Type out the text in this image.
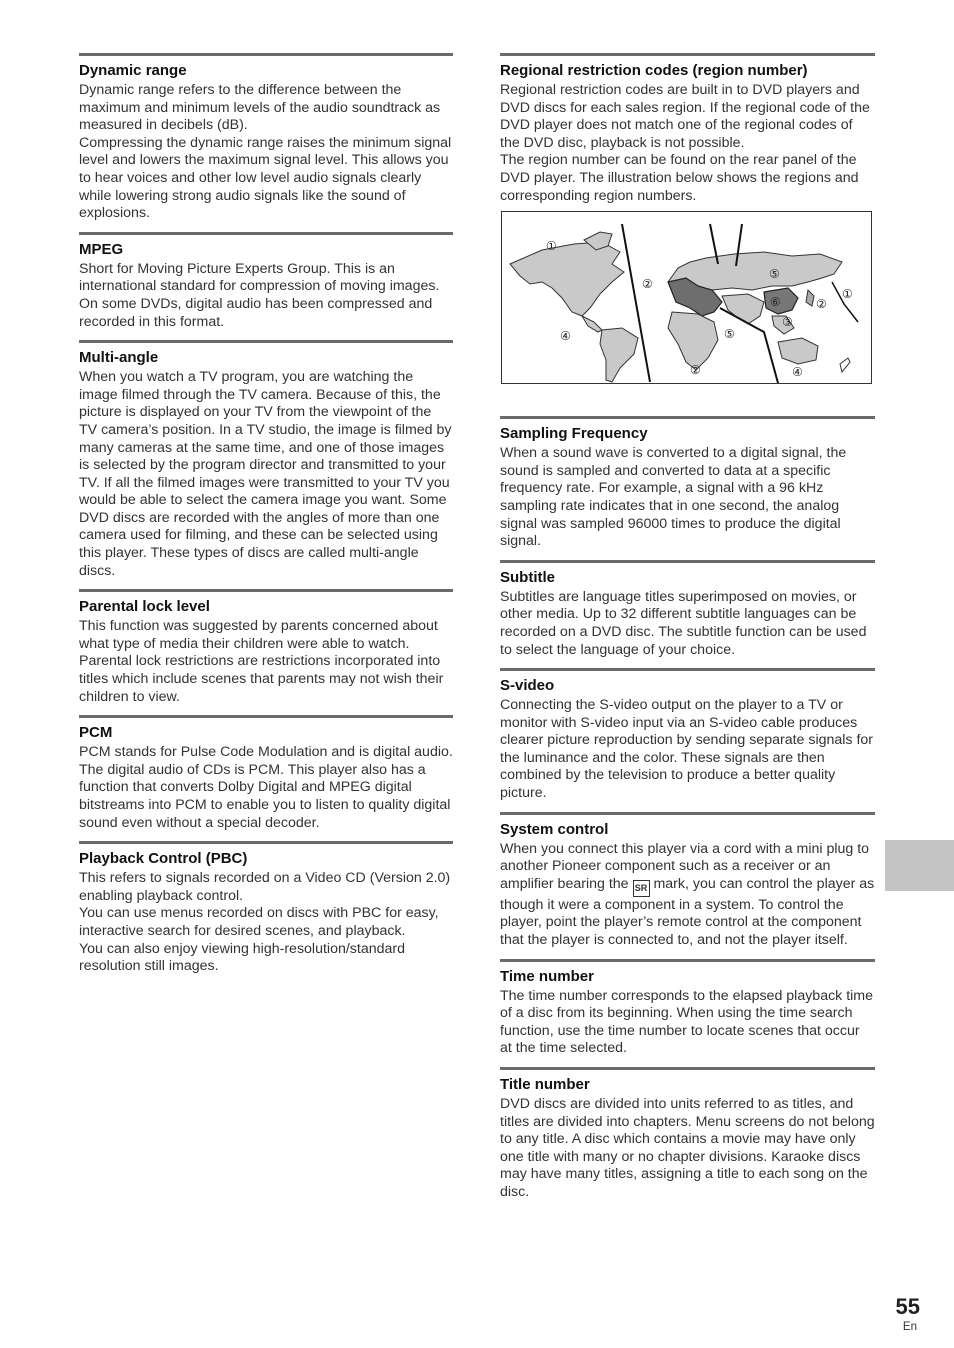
Dynamic range

Dynamic range refers to the difference between the maximum and minimum levels of the audio soundtrack as measured in decibels (dB).
Compressing the dynamic range raises the minimum signal level and lowers the maximum signal level. This allows you to hear voices and other low level audio signals clearly while lowering strong audio signals like the sound of explosions.

MPEG

Short for Moving Picture Experts Group. This is an international standard for compression of moving images. On some DVDs, digital audio has been compressed and recorded in this format.

Multi-angle

When you watch a TV program, you are watching the image filmed through the TV camera. Because of this, the picture is displayed on your TV from the viewpoint of the TV camera’s position. In a TV studio, the image is filmed by many cameras at the same time, and one of those images is selected by the program director and transmitted to your TV. If all the filmed images were transmitted to your TV you would be able to select the camera image you want. Some DVD discs are recorded with the angles of more than one camera used for filming, and these can be selected using this player. These types of discs are called multi-angle discs.

Parental lock level

This function was suggested by parents concerned about what type of media their children were able to watch. Parental lock restrictions are restrictions incorporated into titles which include scenes that parents may not wish their children to view.

PCM

PCM stands for Pulse Code Modulation and is digital audio. The digital audio of CDs is PCM. This player also has a function that converts Dolby Digital and MPEG digital bitstreams into PCM to enable you to listen to quality digital sound even without a special decoder.

Playback Control (PBC)

This refers to signals recorded on a Video CD (Version 2.0) enabling playback control.
You can use menus recorded on discs with PBC for easy, interactive search for desired scenes, and playback.
You can also enjoy viewing high-resolution/standard resolution still images.

Regional restriction codes (region number)

Regional restriction codes are built in to DVD players and DVD discs for each sales region. If the regional code of the DVD player does not match one of the regional codes of the DVD disc, playback is not possible.
The region number can be found on the rear panel of the DVD player. The illustration below shows the regions and corresponding region numbers.

Sampling Frequency

When a sound wave is converted to a digital signal, the sound is sampled and converted to data at a specific frequency rate. For example, a signal with a 96 kHz sampling rate indicates that in one second, the analog signal was sampled 96000 times to produce the digital signal.

Subtitle

Subtitles are language titles superimposed on movies, or other media. Up to 32 different subtitle languages can be recorded on a DVD disc. The subtitle function can be used to select the language of your choice.

S-video

Connecting the S-video output on the player to a TV or monitor with S-video input via an S-video cable produces clearer picture reproduction by sending separate signals for the luminance and the color. These signals are then combined by the television to produce a better quality picture.

System control

When you connect this player via a cord with a mini plug to another Pioneer component such as a receiver or an amplifier bearing the SR mark, you can control the player as though it were a component in a system. To control the player, point the player’s remote control at the component that the player is connected to, and not the player itself.

Time number

The time number corresponds to the elapsed playback time of a disc from its beginning. When using the time search function, use the time number to locate scenes that occur at the time selected.

Title number

DVD discs are divided into units referred to as titles, and titles are divided into chapters. Menu screens do not belong to any title. A disc which contains a movie may have only one title with many or no chapter divisions. Karaoke discs may have many titles, assigning a title to each song on the disc.

①
②
⑤
①
②
⑥
③
④	⑤
②	④
55
En
